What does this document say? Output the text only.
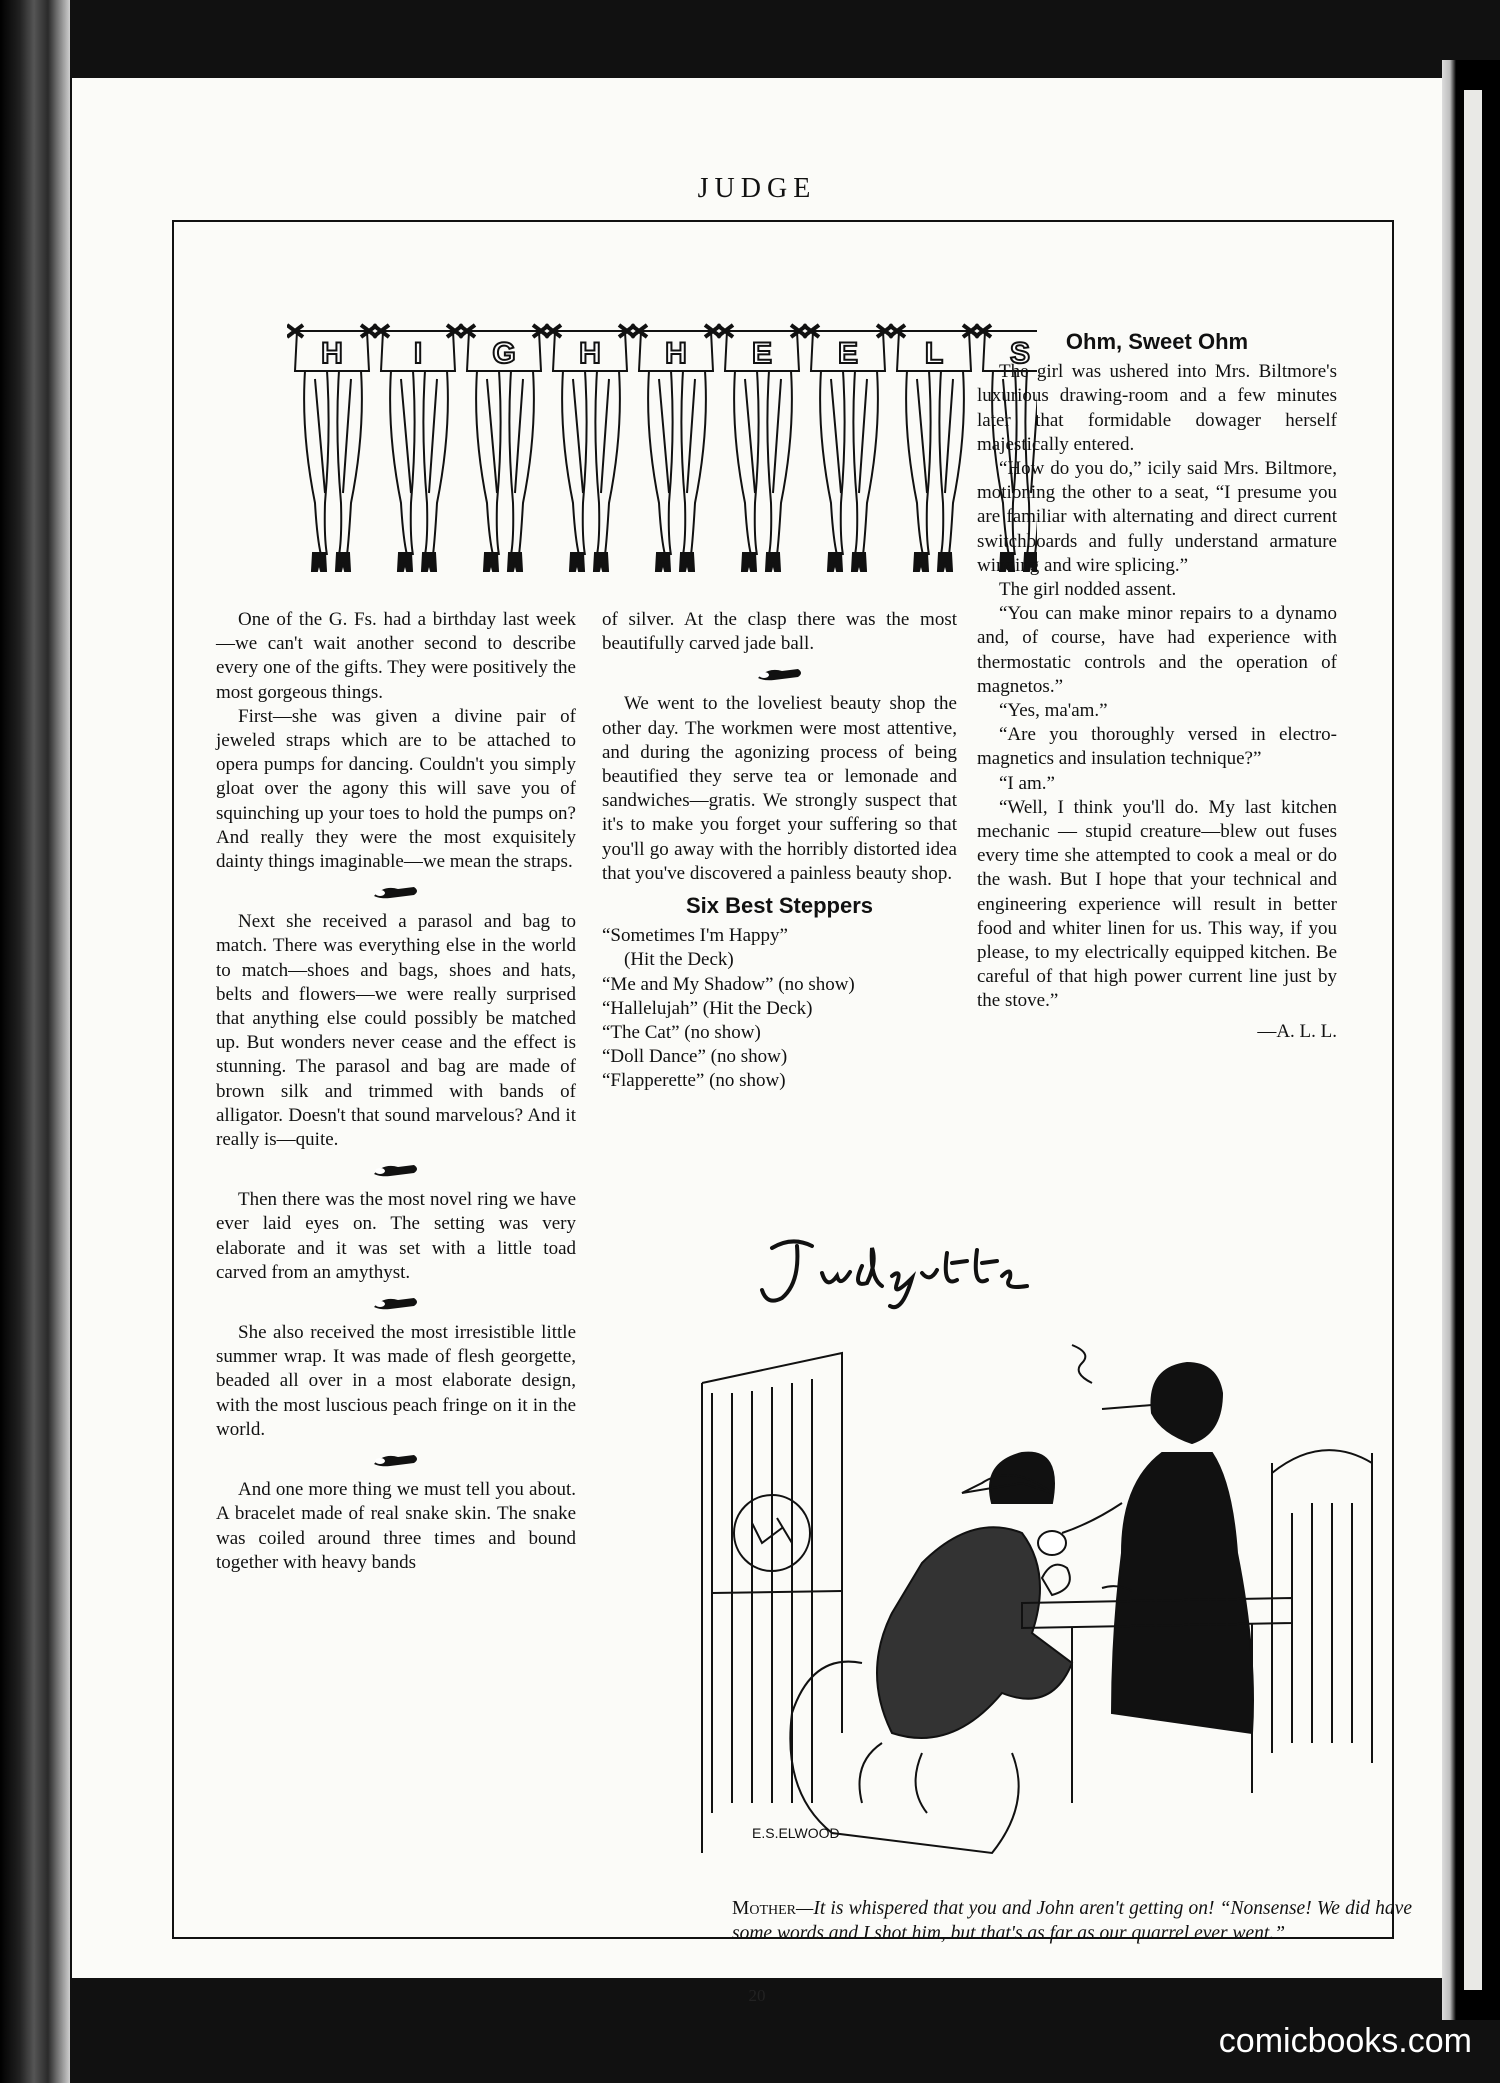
JUDGE
H I G H H E E L S

One of the G. Fs. had a birthday last week—we can't wait another second to describe every one of the gifts. They were positively the most gorgeous things.

First—she was given a divine pair of jeweled straps which are to be attached to opera pumps for dancing. Couldn't you simply gloat over the agony this will save you of squinching up your toes to hold the pumps on? And really they were the most exquisitely dainty things imaginable—we mean the straps.

Next she received a parasol and bag to match. There was everything else in the world to match—shoes and bags, shoes and hats, belts and flowers—we were really surprised that anything else could possibly be matched up. But wonders never cease and the effect is stunning. The parasol and bag are made of brown silk and trimmed with bands of alligator. Doesn't that sound marvelous? And it really is—quite.

Then there was the most novel ring we have ever laid eyes on. The setting was very elaborate and it was set with a little toad carved from an amythyst.

She also received the most irresistible little summer wrap. It was made of flesh georgette, beaded all over in a most elaborate design, with the most luscious peach fringe on it in the world.

And one more thing we must tell you about. A bracelet made of real snake skin. The snake was coiled around three times and bound together with heavy bands

of silver. At the clasp there was the most beautifully carved jade ball.

We went to the loveliest beauty shop the other day. The workmen were most attentive, and during the agonizing process of being beautified they serve tea or lemonade and sandwiches—gratis. We strongly suspect that it's to make you forget your suffering so that you'll go away with the horribly distorted idea that you've discovered a painless beauty shop.

Six Best Steppers
“Sometimes I'm Happy”
(Hit the Deck)
“Me and My Shadow” (no show)
“Hallelujah” (Hit the Deck)
“The Cat” (no show)
“Doll Dance” (no show)
“Flapperette” (no show)
Ohm, Sweet Ohm

The girl was ushered into Mrs. Biltmore's luxurious drawing-room and a few minutes later that formidable dowager herself majestically entered.

“How do you do,” icily said Mrs. Biltmore, motioning the other to a seat, “I presume you are familiar with alternating and direct current switchboards and fully understand armature winding and wire splicing.”

The girl nodded assent.

“You can make minor repairs to a dynamo and, of course, have had experience with thermostatic controls and the operation of magnetos.”

“Yes, ma'am.”

“Are you thoroughly versed in electro-magnetics and insulation technique?”

“I am.”

“Well, I think you'll do. My last kitchen mechanic — stupid creature—blew out fuses every time she attempted to cook a meal or do the wash. But I hope that your technical and engineering experience will result in better food and whiter linen for us. This way, if you please, to my electrically equipped kitchen. Be careful of that high power current line just by the stove.”

—A. L. L.
E.S.ELWOOD
Mother—It is whispered that you and John aren't getting on! “Nonsense! We did have some words and I shot him, but that's as far as our quarrel ever went.”
20
comicbooks.com
